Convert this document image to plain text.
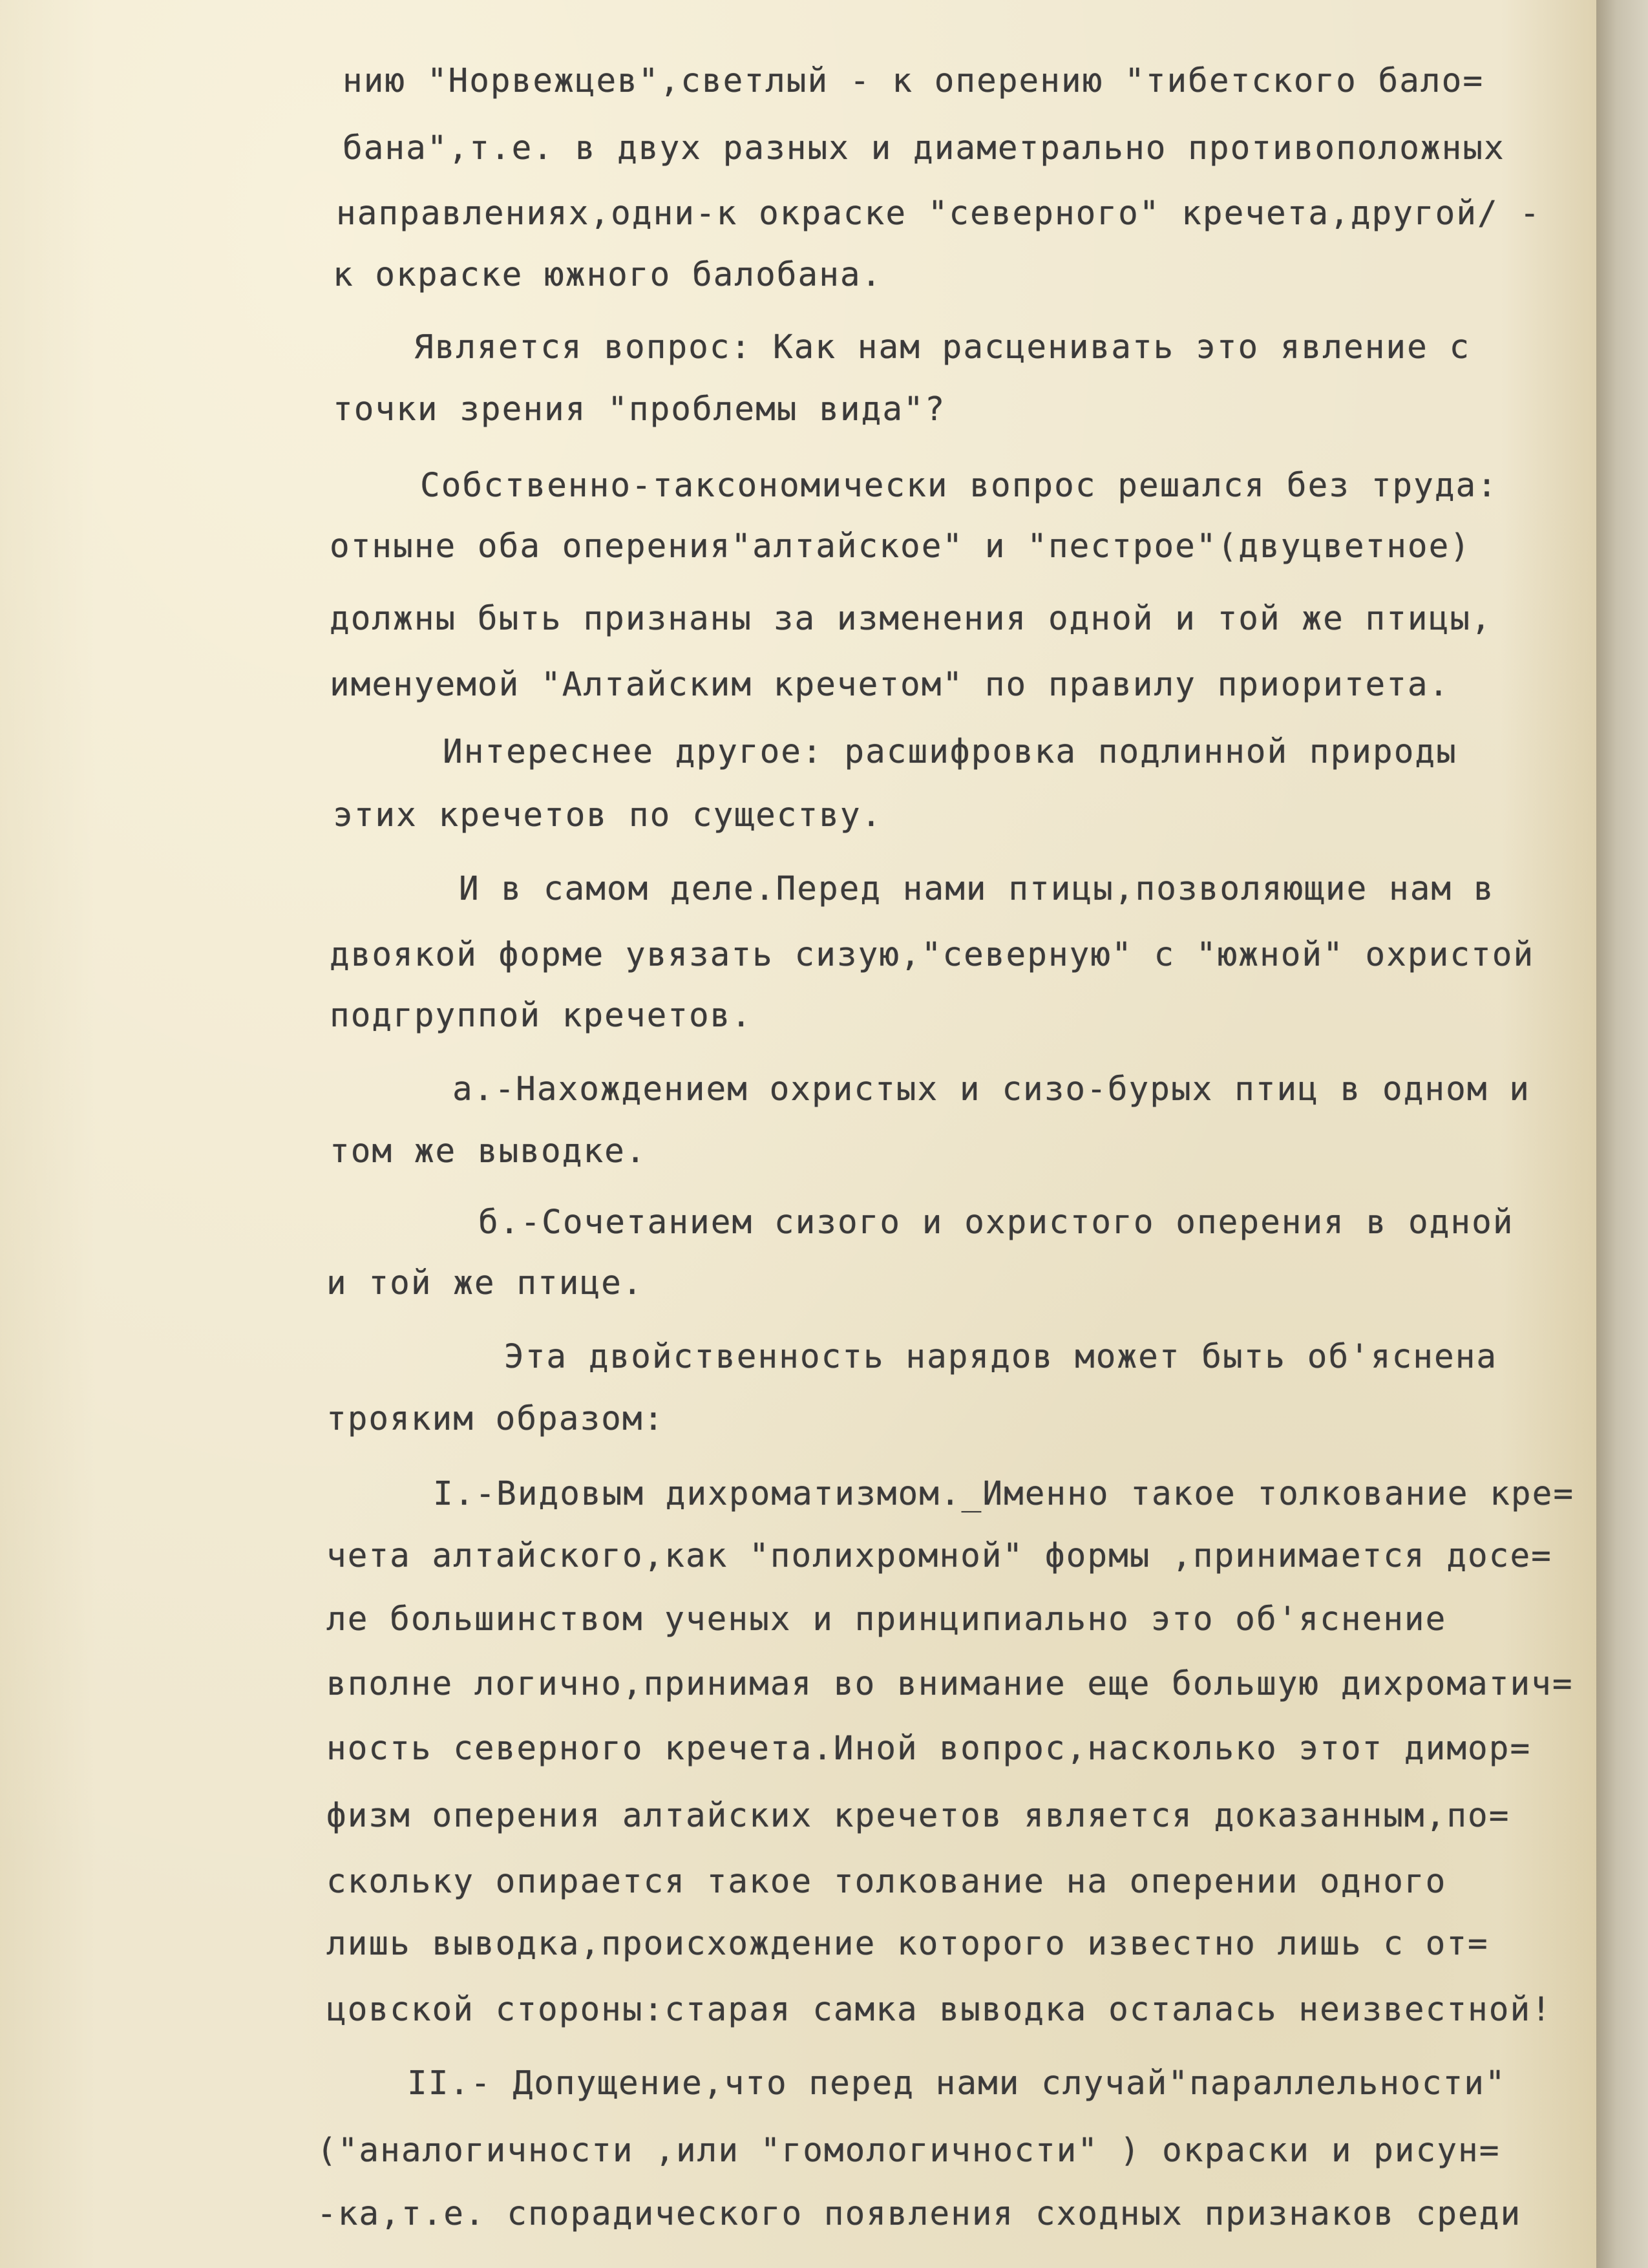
нию "Норвежцев",светлый - к оперению "тибетского бало=
бана",т.е. в двух разных и диаметрально противоположных
направлениях,одни-к окраске "северного" кречета,другой/ -
к окраске южного балобана.
Является вопрос: Как нам расценивать это явление с
точки зрения "проблемы вида"?
Собственно-таксономически вопрос решался без труда:
отныне оба оперения"алтайское" и "пестрое"(двуцветное)
должны быть признаны за изменения одной и той же птицы,
именуемой "Алтайским кречетом" по правилу приоритета.
Интереснее другое: расшифровка подлинной природы
этих кречетов по существу.
И в самом деле.Перед нами птицы,позволяющие нам в
двоякой форме увязать сизую,"северную" с "южной" охристой
подгруппой кречетов.
а.-Нахождением охристых и сизо-бурых птиц в одном и
том же выводке.
б.-Сочетанием сизого и охристого оперения в одной
и той же птице.
Эта двойственность нарядов может быть об'яснена
трояким образом:
I.-Видовым дихроматизмом._Именно такое толкование кре=
чета алтайского,как "полихромной" формы ,принимается досе=
ле большинством ученых и принципиально это об'яснение
вполне логично,принимая во внимание еще большую дихроматич=
ность северного кречета.Иной вопрос,насколько этот димор=
физм оперения алтайских кречетов является доказанным,по=
скольку опирается такое толкование на оперении одного
лишь выводка,происхождение которого известно лишь с от=
цовской стороны:старая самка выводка осталась неизвестной!
II.- Допущение,что перед нами случай"параллельности"
("аналогичности ,или "гомологичности" ) окраски и рисун=
-ка,т.е. спорадического появления сходных признаков среди
